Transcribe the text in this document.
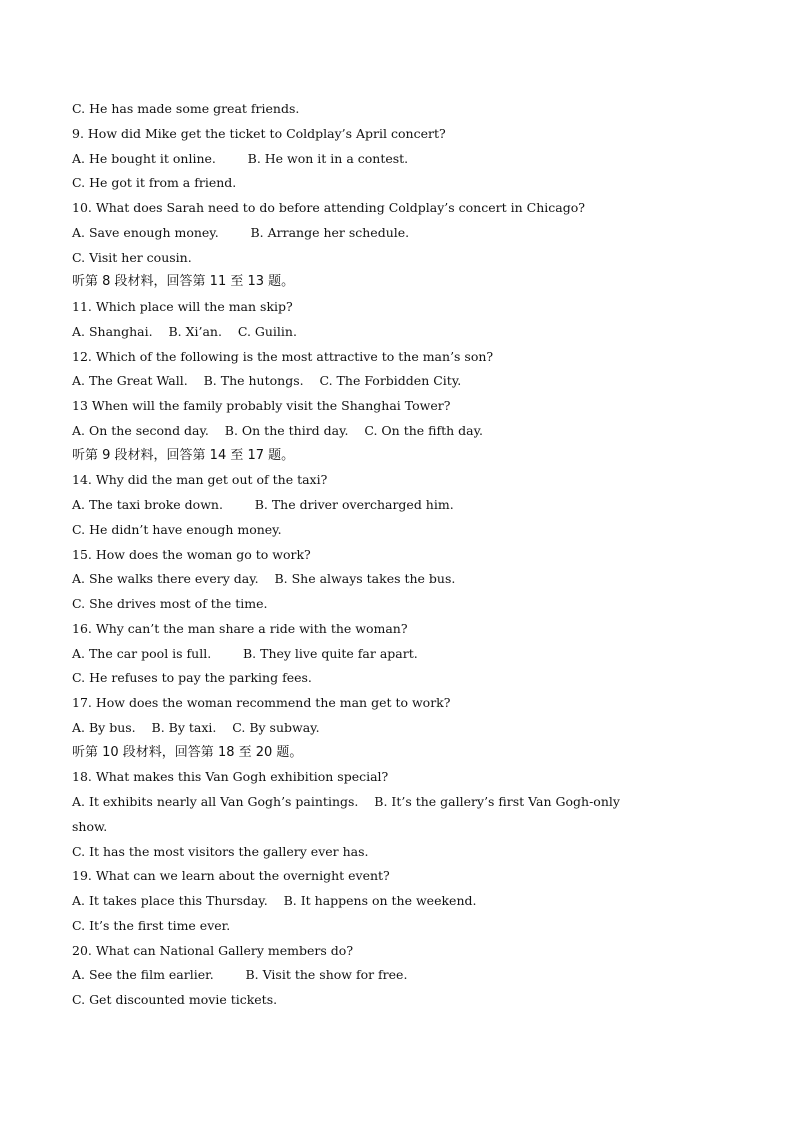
C. He has made some great friends.
9. How did Mike get the ticket to Coldplay’s April concert?
A. He bought it online.        B. He won it in a contest.
C. He got it from a friend.
10. What does Sarah need to do before attending Coldplay’s concert in Chicago?
A. Save enough money.        B. Arrange her schedule.
C. Visit her cousin.
听第 8 段材料，回答第 11 至 13 题。
11. Which place will the man skip?
A. Shanghai.    B. Xi’an.    C. Guilin.
12. Which of the following is the most attractive to the man’s son?
A. The Great Wall.    B. The hutongs.    C. The Forbidden City.
13 When will the family probably visit the Shanghai Tower?
A. On the second day.    B. On the third day.    C. On the fifth day.
听第 9 段材料，回答第 14 至 17 题。
14. Why did the man get out of the taxi?
A. The taxi broke down.        B. The driver overcharged him.
C. He didn’t have enough money.
15. How does the woman go to work?
A. She walks there every day.    B. She always takes the bus.
C. She drives most of the time.
16. Why can’t the man share a ride with the woman?
A. The car pool is full.        B. They live quite far apart.
C. He refuses to pay the parking fees.
17. How does the woman recommend the man get to work?
A. By bus.    B. By taxi.    C. By subway.
听第 10 段材料，回答第 18 至 20 题。
18. What makes this Van Gogh exhibition special?
A. It exhibits nearly all Van Gogh’s paintings.    B. It’s the gallery’s first Van Gogh-only
show.
C. It has the most visitors the gallery ever has.
19. What can we learn about the overnight event?
A. It takes place this Thursday.    B. It happens on the weekend.
C. It’s the first time ever.
20. What can National Gallery members do?
A. See the film earlier.        B. Visit the show for free.
C. Get discounted movie tickets.
